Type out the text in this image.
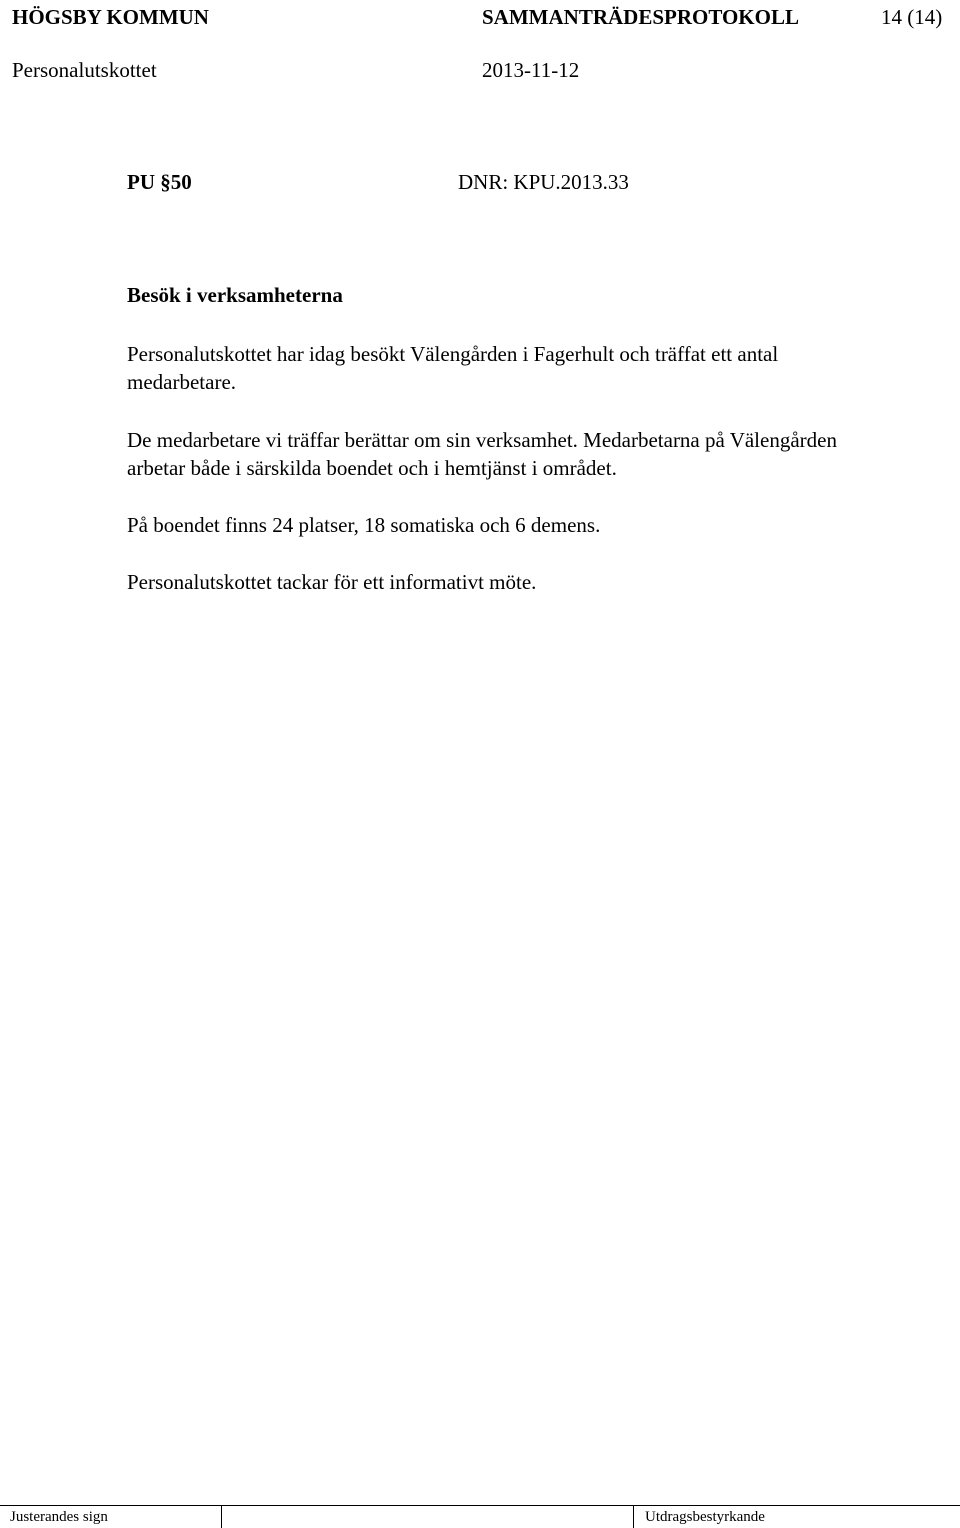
HÖGSBY KOMMUN	SAMMANTRÄDESPROTOKOLL	14 (14)
Personalutskottet	2013-11-12
PU §50	DNR: KPU.2013.33
Besök i verksamheterna

Personalutskottet har idag besökt Välengården i Fagerhult och träffat ett antal medarbetare.

De medarbetare vi träffar berättar om sin verksamhet. Medarbetarna på Välengården arbetar både i särskilda boendet och i hemtjänst i området.

På boendet finns 24 platser, 18 somatiska och 6 demens.

Personalutskottet tackar för ett informativt möte.

Justerandes sign	Utdragsbestyrkande
